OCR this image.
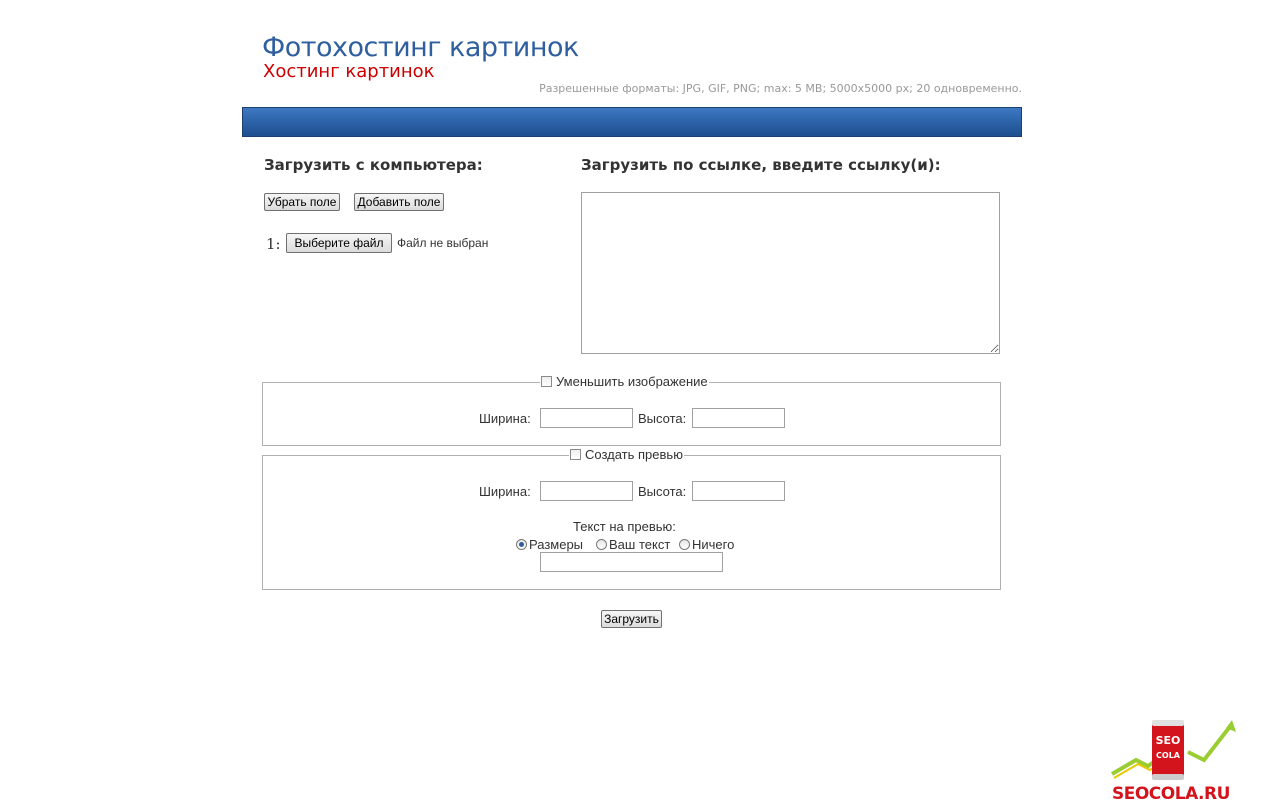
Фотохостинг картинок
Хостинг картинок
Разрешенные форматы: JPG, GIF, PNG; max: 5 MB; 5000x5000 px; 20 одновременно.
Загрузить с компьютера:	Загрузить по ссылке, введите ссылку(и):
Убрать поле Добавить поле
1:	Выберите файл	Файл не выбран
Уменьшить изображение
Ширина:	Высота:
Создать превью
Ширина:	Высота:
Текст на превью:
Размеры Ваш текст Ничего
Загрузить
SEO
COLA
SEOCOLA.RU
